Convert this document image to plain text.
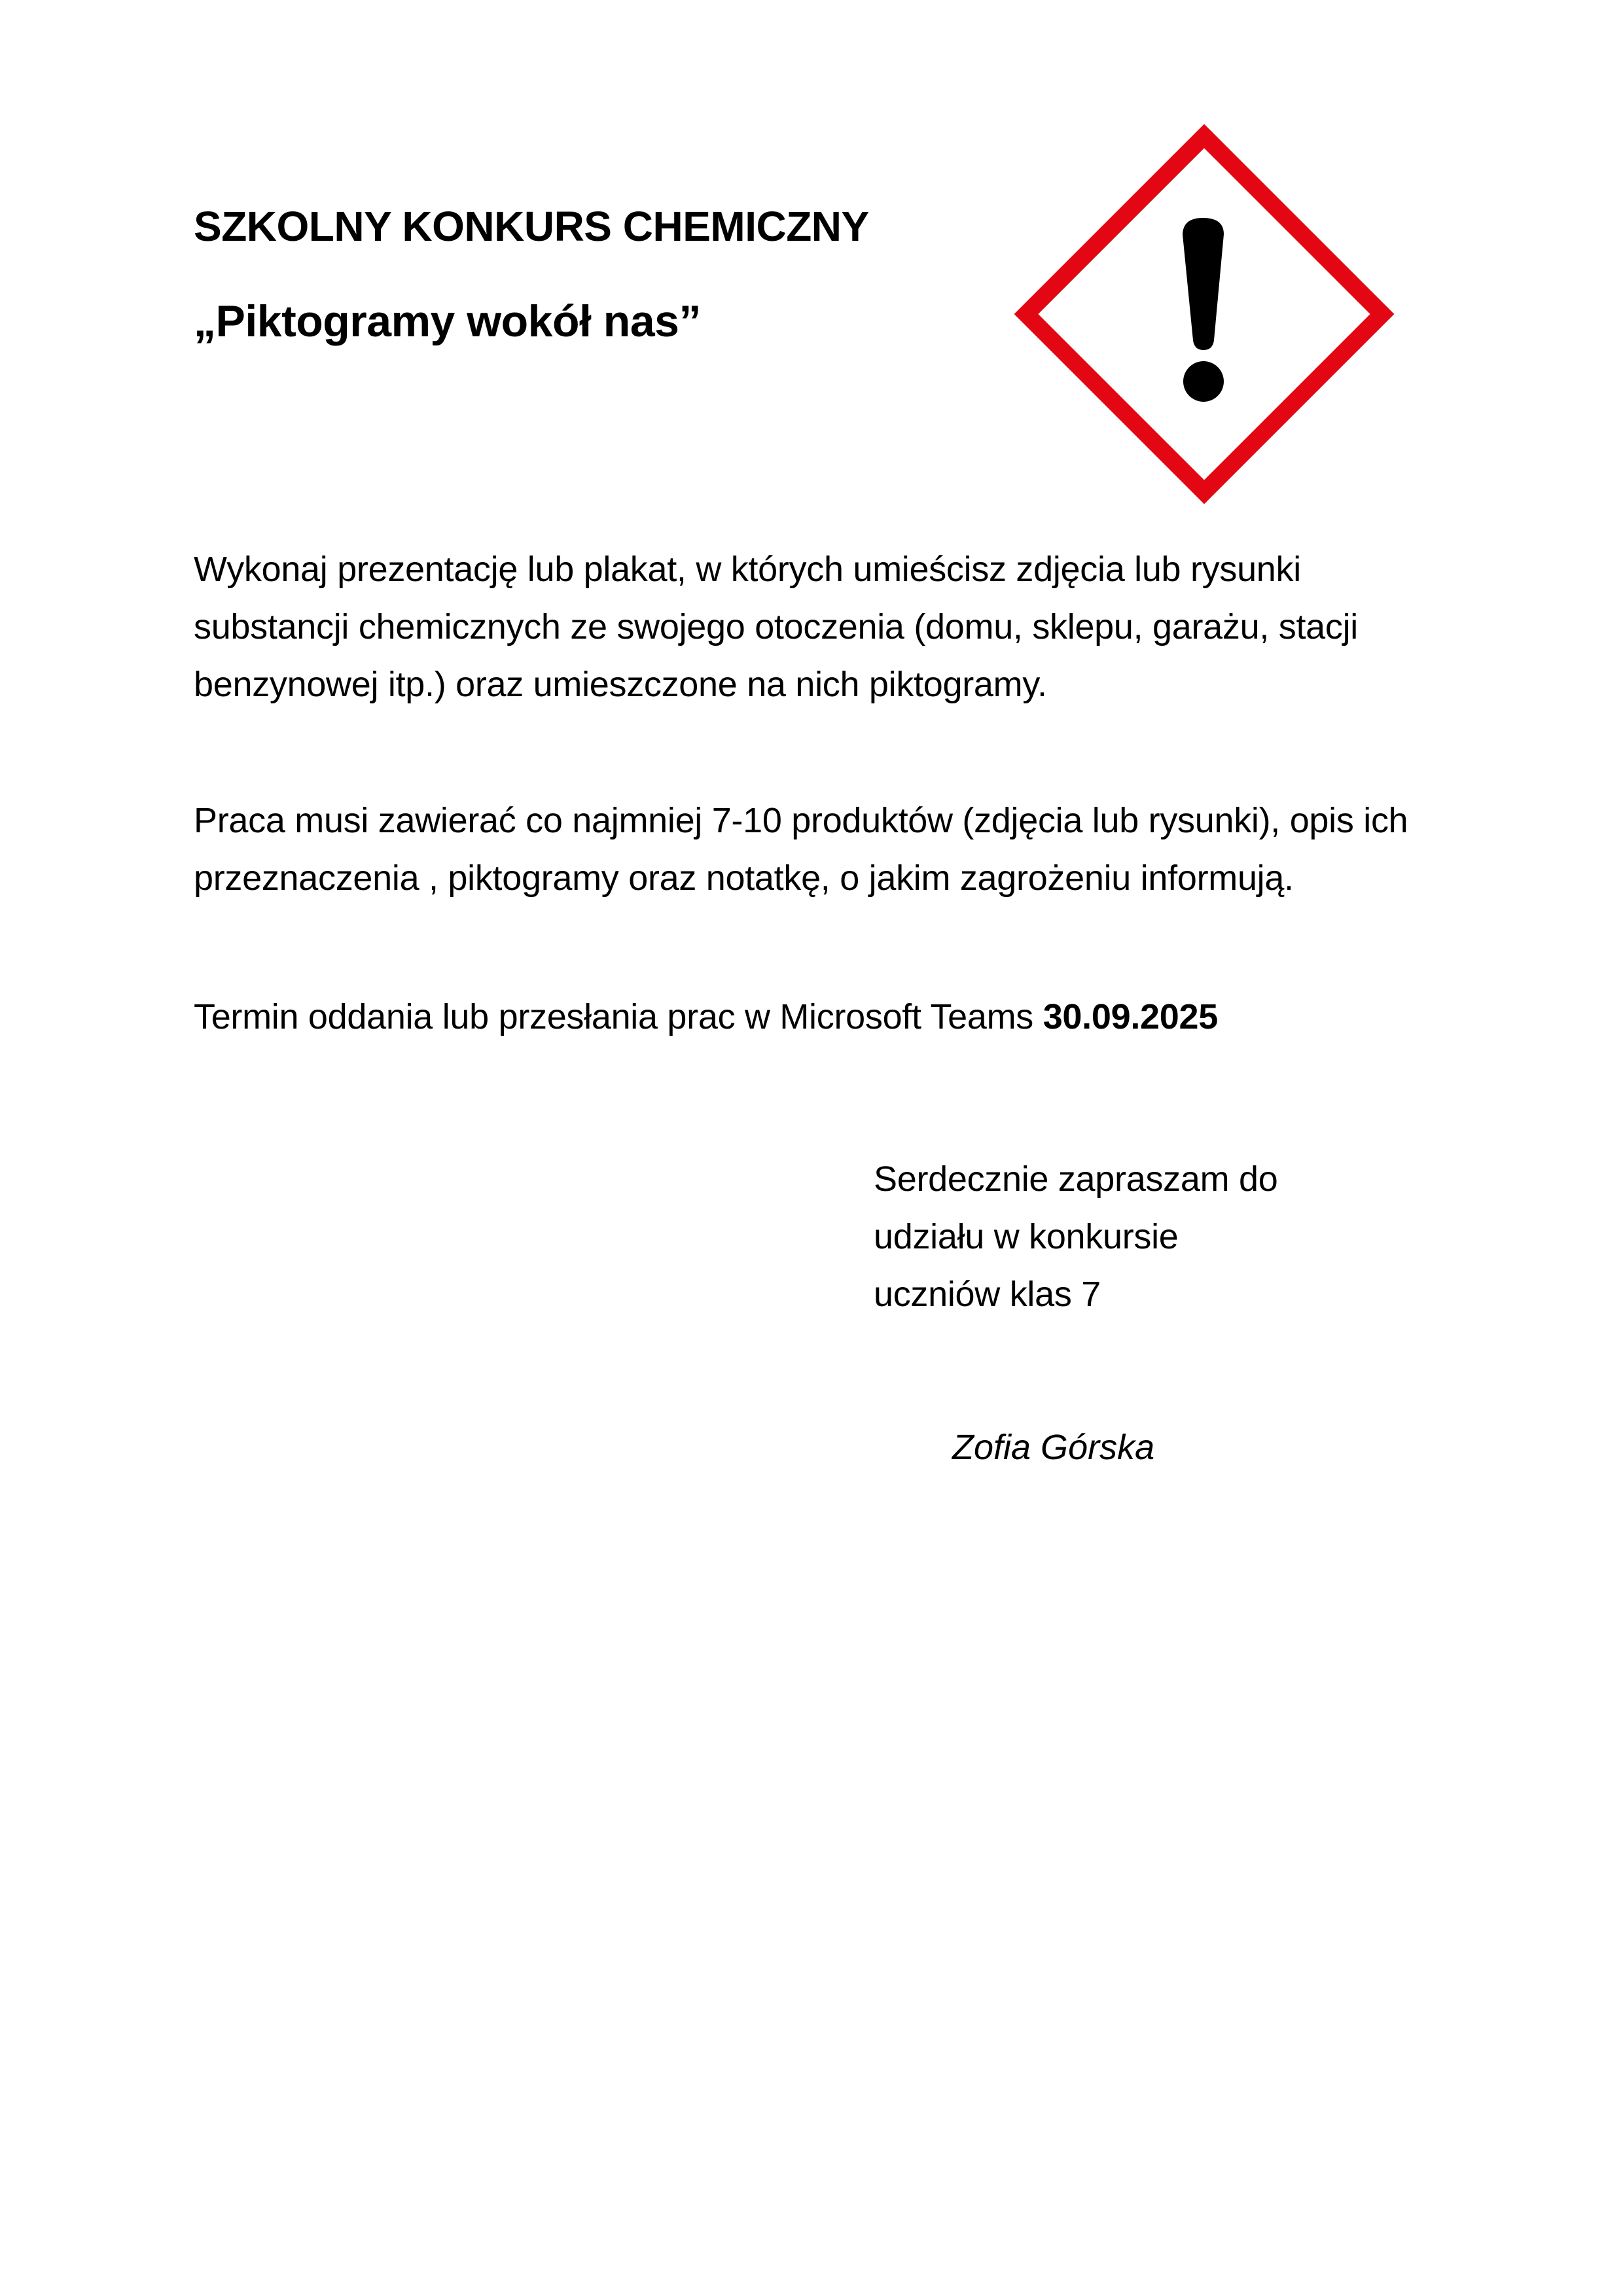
SZKOLNY KONKURS CHEMICZNY
„Piktogramy wokół nas”

Wykonaj prezentację lub plakat, w których umieścisz zdjęcia lub rysunki substancji chemicznych ze swojego otoczenia (domu, sklepu, garażu, stacji benzynowej itp.) oraz umieszczone na nich piktogramy.

Praca musi zawierać co najmniej 7-10 produktów (zdjęcia lub rysunki), opis ich przeznaczenia , piktogramy oraz notatkę, o jakim zagrożeniu informują.

Termin oddania lub przesłania prac w Microsoft Teams 30.09.2025

Serdecznie zapraszam do
udziału w konkursie
uczniów klas 7

Zofia Górska
